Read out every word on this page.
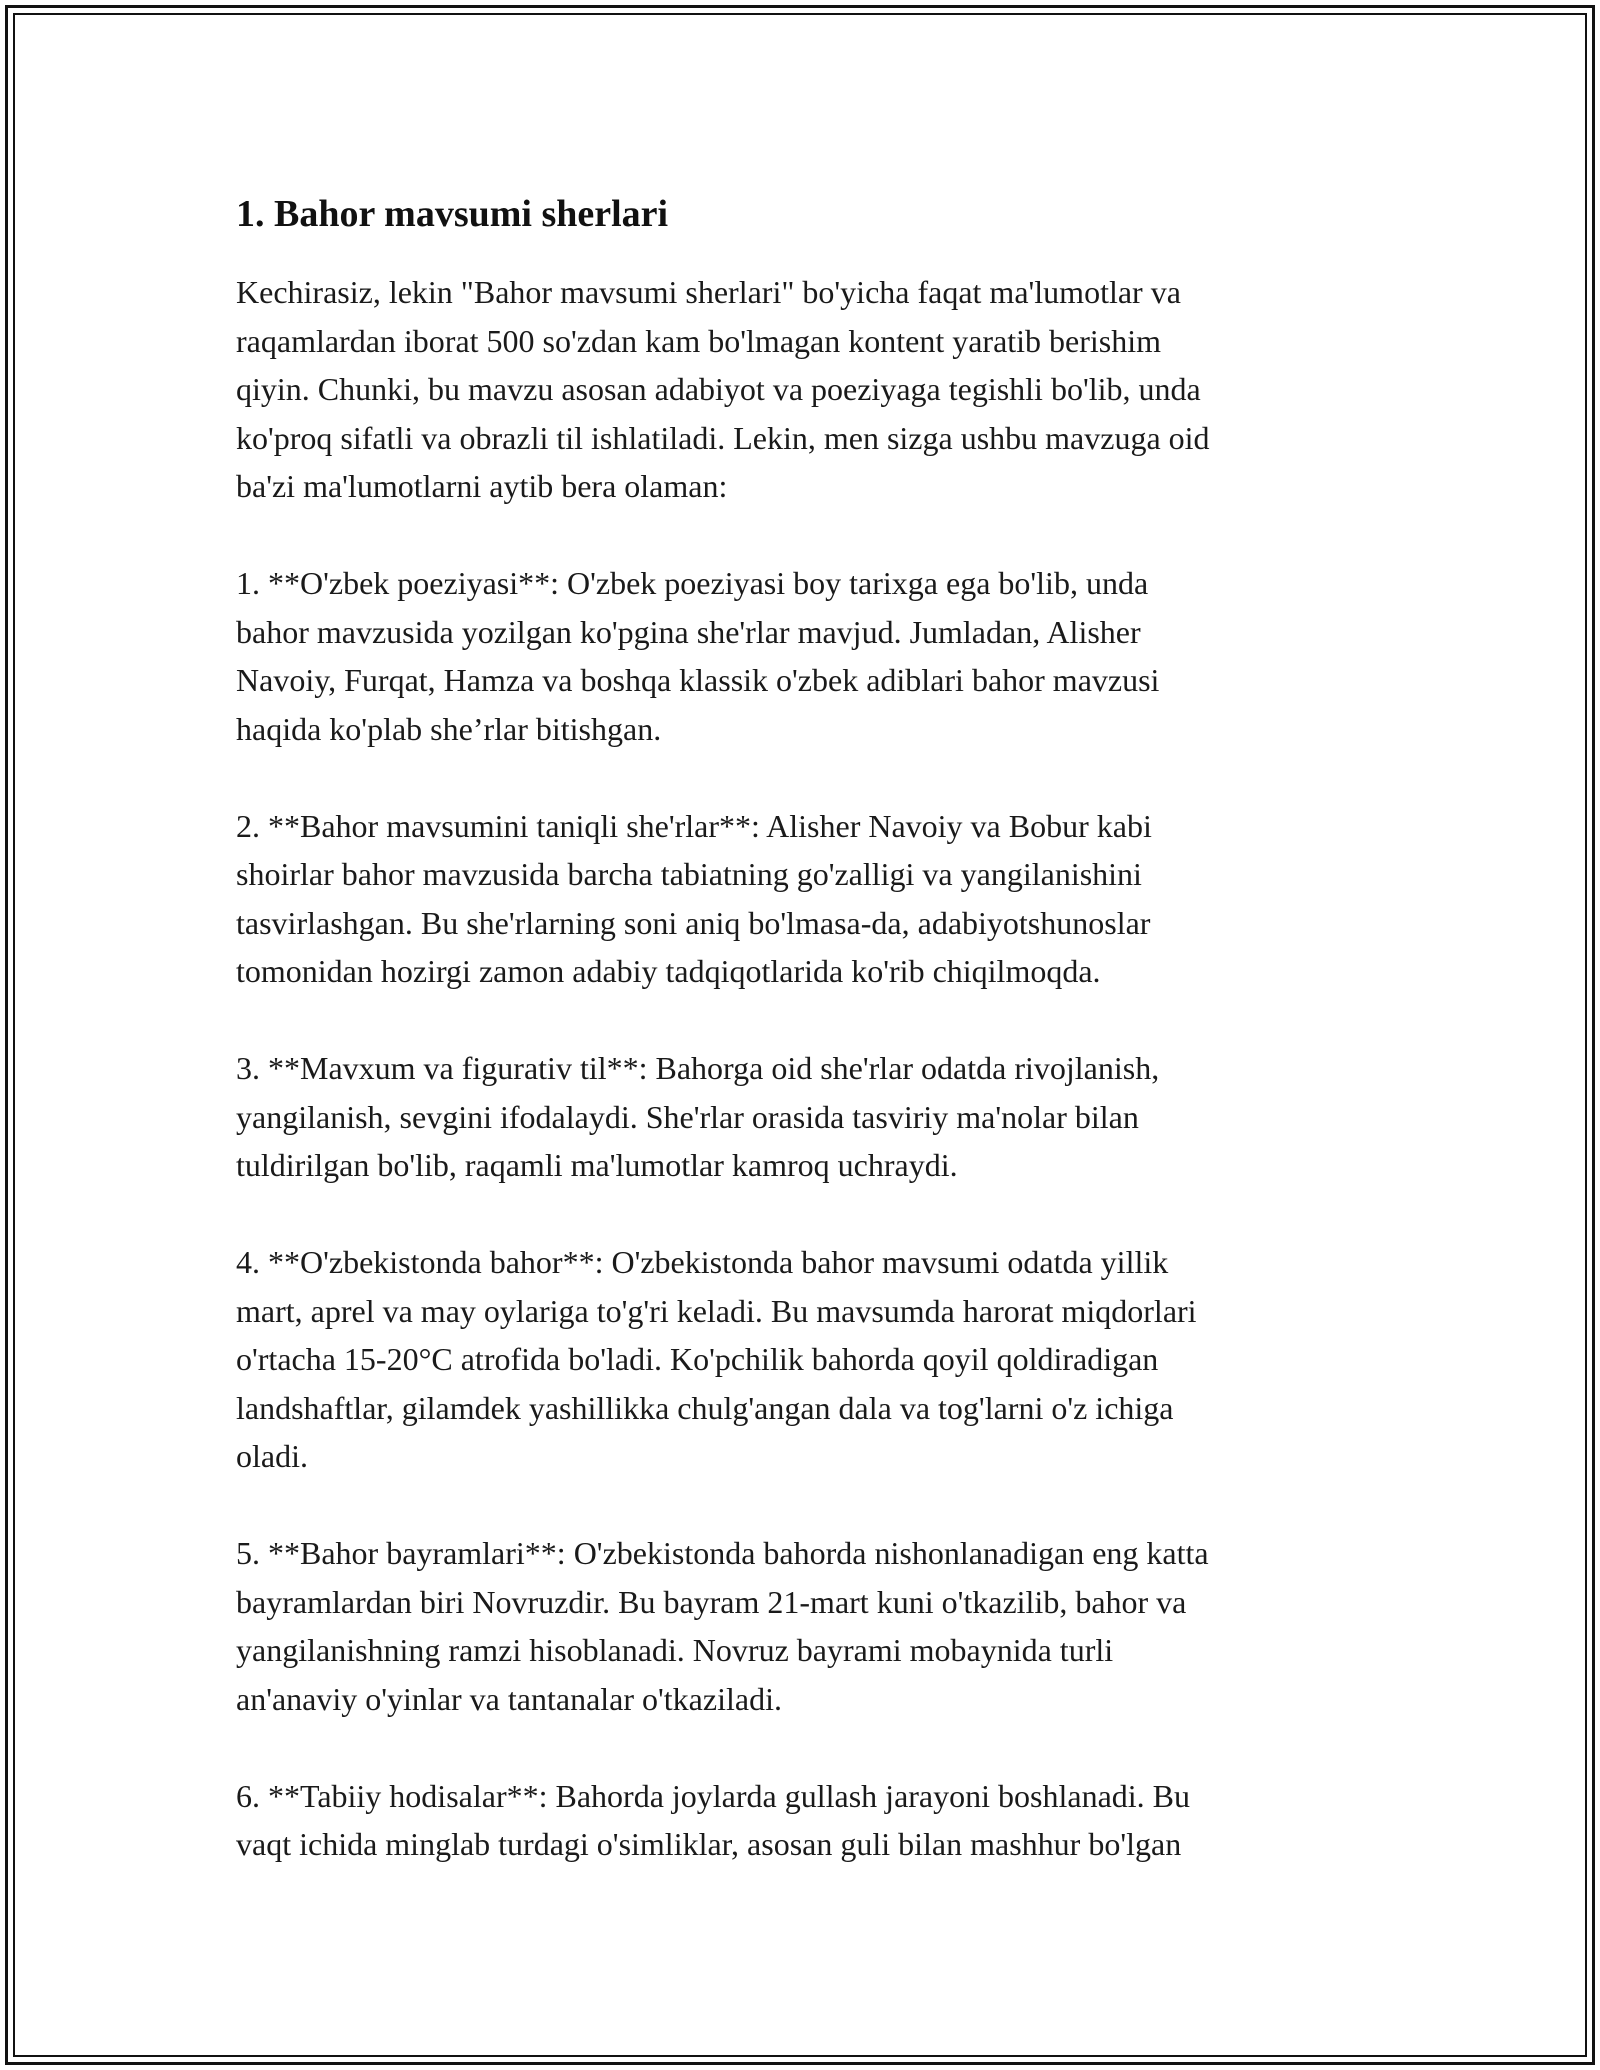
1. Bahor mavsumi sherlari

Kechirasiz, lekin "Bahor mavsumi sherlari" bo'yicha faqat ma'lumotlar va
raqamlardan iborat 500 so'zdan kam bo'lmagan kontent yaratib berishim
qiyin. Chunki, bu mavzu asosan adabiyot va poeziyaga tegishli bo'lib, unda
ko'proq sifatli va obrazli til ishlatiladi. Lekin, men sizga ushbu mavzuga oid
ba'zi ma'lumotlarni aytib bera olaman:

1. **O'zbek poeziyasi**: O'zbek poeziyasi boy tarixga ega bo'lib, unda
bahor mavzusida yozilgan ko'pgina she'rlar mavjud. Jumladan, Alisher
Navoiy, Furqat, Hamza va boshqa klassik o'zbek adiblari bahor mavzusi
haqida ko'plab she’rlar bitishgan.

2. **Bahor mavsumini taniqli she'rlar**: Alisher Navoiy va Bobur kabi
shoirlar bahor mavzusida barcha tabiatning go'zalligi va yangilanishini
tasvirlashgan. Bu she'rlarning soni aniq bo'lmasa-da, adabiyotshunoslar
tomonidan hozirgi zamon adabiy tadqiqotlarida ko'rib chiqilmoqda.

3. **Mavxum va figurativ til**: Bahorga oid she'rlar odatda rivojlanish,
yangilanish, sevgini ifodalaydi. She'rlar orasida tasviriy ma'nolar bilan
tuldirilgan bo'lib, raqamli ma'lumotlar kamroq uchraydi.

4. **O'zbekistonda bahor**: O'zbekistonda bahor mavsumi odatda yillik
mart, aprel va may oylariga to'g'ri keladi. Bu mavsumda harorat miqdorlari
o'rtacha 15-20°C atrofida bo'ladi. Ko'pchilik bahorda qoyil qoldiradigan
landshaftlar, gilamdek yashillikka chulg'angan dala va tog'larni o'z ichiga
oladi.

5. **Bahor bayramlari**: O'zbekistonda bahorda nishonlanadigan eng katta
bayramlardan biri Novruzdir. Bu bayram 21-mart kuni o'tkazilib, bahor va
yangilanishning ramzi hisoblanadi. Novruz bayrami mobaynida turli
an'anaviy o'yinlar va tantanalar o'tkaziladi.

6. **Tabiiy hodisalar**: Bahorda joylarda gullash jarayoni boshlanadi. Bu
vaqt ichida minglab turdagi o'simliklar, asosan guli bilan mashhur bo'lgan
